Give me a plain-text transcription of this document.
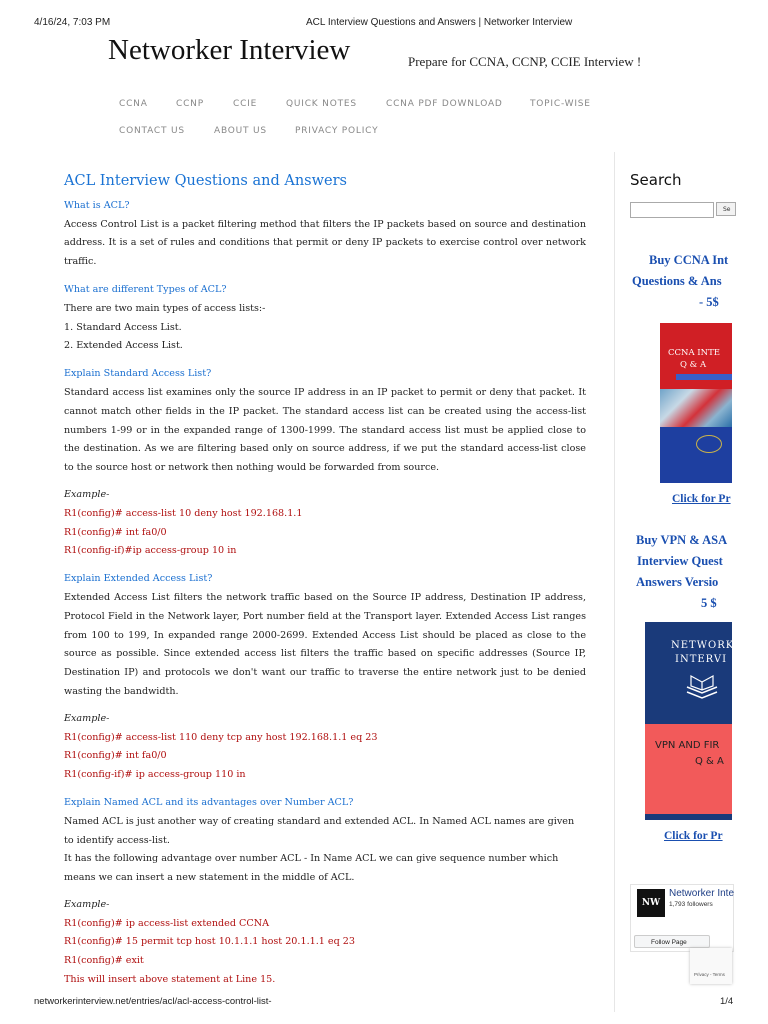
4/16/24, 7:03 PM	ACL Interview Questions and Answers | Networker Interview
Networker Interview	Prepare for CCNA, CCNP, CCIE Interview !
CCNA	CCNP	CCIE	QUICK NOTES	CCNA PDF DOWNLOAD	TOPIC-WISE
CONTACT US	ABOUT US	PRIVACY POLICY

ACL Interview Questions and Answers

What is ACL?

Access Control List is a packet filtering method that filters the IP packets based on source and destination address. It is a set of rules and conditions that permit or deny IP packets to exercise control over network traffic.

What are different Types of ACL?

There are two main types of access lists:-

1. Standard Access List.

2. Extended Access List.

Explain Standard Access List?

Standard access list examines only the source IP address in an IP packet to permit or deny that packet. It cannot match other fields in the IP packet. The standard access list can be created using the access-list numbers 1-99 or in the expanded range of 1300-1999. The standard access list must be applied close to the destination. As we are filtering based only on source address, if we put the standard access-list close to the source host or network then nothing would be forwarded from source.

Example-

R1(config)# access-list 10 deny host 192.168.1.1

R1(config)# int fa0/0

R1(config-if)#ip access-group 10 in

Explain Extended Access List?

Extended Access List filters the network traffic based on the Source IP address, Destination IP address, Protocol Field in the Network layer, Port number field at the Transport layer. Extended Access List ranges from 100 to 199, In expanded range 2000-2699. Extended Access List should be placed as close to the source as possible. Since extended access list filters the traffic based on specific addresses (Source IP, Destination IP) and protocols we don't want our traffic to traverse the entire network just to be denied wasting the bandwidth.

Example-

R1(config)# access-list 110 deny tcp any host 192.168.1.1 eq 23

R1(config)# int fa0/0

R1(config-if)# ip access-group 110 in

Explain Named ACL and its advantages over Number ACL?

Named ACL is just another way of creating standard and extended ACL. In Named ACL names are given to identify access-list.

It has the following advantage over number ACL - In Name ACL we can give sequence number which means we can insert a new statement in the middle of ACL.

Example-

R1(config)# ip access-list extended CCNA

R1(config)# 15 permit tcp host 10.1.1.1 host 20.1.1.1 eq 23

R1(config)# exit

This will insert above statement at Line 15.

Search
Se
Buy CCNA Int
Questions & Ans
- 5$
CCNA INTE
Q & A
Click for Pr
Buy VPN & ASA
Interview Quest
Answers Versio
5 $
NETWORKE
INTERVI
VPN AND FIR
Q & A
Click for Pr
NW
Networker Inte
1,793 followers
Follow Page
Privacy - Terms
networkerinterview.net/entries/acl/acl-access-control-list-	1/4
